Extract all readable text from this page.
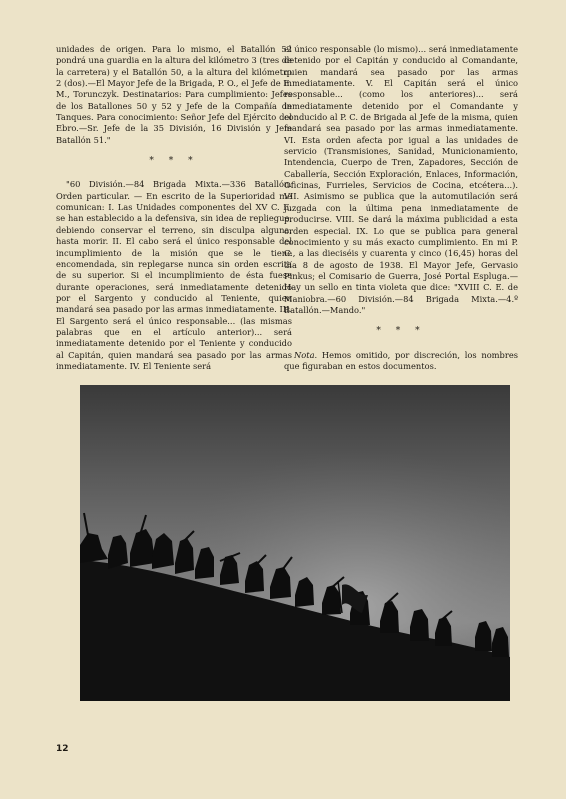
unidades de origen. Para lo mismo, el Batallón 52 pondrá una guardia en la altura del kilómetro 3 (tres de la carretera) y el Batallón 50, a la altura del kilómetro 2 (dos).—El Mayor Jefe de la Brigada, P. O., el Jefe de E. M., Torunczyk. Destinatarios: Para cumplimiento: Jefes de los Batallones 50 y 52 y Jefe de la Compañía de Tanques. Para conocimiento: Señor Jefe del Ejército del Ebro.—Sr. Jefe de la 35 División, 16 División y Jefe Batallón 51."

* * *

"60 División.—84 Brigada Mixta.—336 Batallón. Orden particular. — En escrito de la Superioridad me comunican: I. Las Unidades componentes del XV C. E. se han establecido a la defensiva, sin idea de repliegue, debiendo conservar el terreno, sin disculpa alguna, hasta morir. II. El cabo será el único responsable del incumplimiento de la misión que se le tiene encomendada, sin replegarse nunca sin orden escrita de su superior. Si el incumplimiento de ésta fuese durante operaciones, será inmediatamente detenido por el Sargento y conducido al Teniente, quien mandará sea pasado por las armas inmediatamente. III. El Sargento será el único responsable... (las mismas palabras que en el artículo anterior)... será inmediatamente detenido por el Teniente y conducido al Capitán, quien mandará sea pasado por las armas inmediatamente. IV. El Teniente será

el único responsable (lo mismo)... será inmediatamente detenido por el Capitán y conducido al Comandante, quien mandará sea pasado por las armas inmediatamente. V. El Capitán será el único responsable... (como los anteriores)... será inmediatamente detenido por el Comandante y conducido al P. C. de Brigada al Jefe de la misma, quien mandará sea pasado por las armas inmediatamente. VI. Esta orden afecta por igual a las unidades de servicio (Transmisiones, Sanidad, Municionamiento, Intendencia, Cuerpo de Tren, Zapadores, Sección de Caballería, Sección Exploración, Enlaces, Información, Oficinas, Furrieles, Servicios de Cocina, etcétera...). VII. Asimismo se publica que la automutilación será juzgada con la última pena inmediatamente de producirse. VIII. Se dará la máxima publicidad a esta orden especial. IX. Lo que se publica para general conocimiento y su más exacto cumplimiento. En mi P. C., a las dieciséis y cuarenta y cinco (16,45) horas del día 8 de agosto de 1938. El Mayor Jefe, Gervasio Pinkus; el Comisario de Guerra, José Portal Espluga.—Hay un sello en tinta violeta que dice: "XVIII C. E. de Maniobra.—60 División.—84 Brigada Mixta.—4.º Batallón.—Mando."

* * *

Nota. Hemos omitido, por discreción, los nombres que figuraban en estos documentos.

12
